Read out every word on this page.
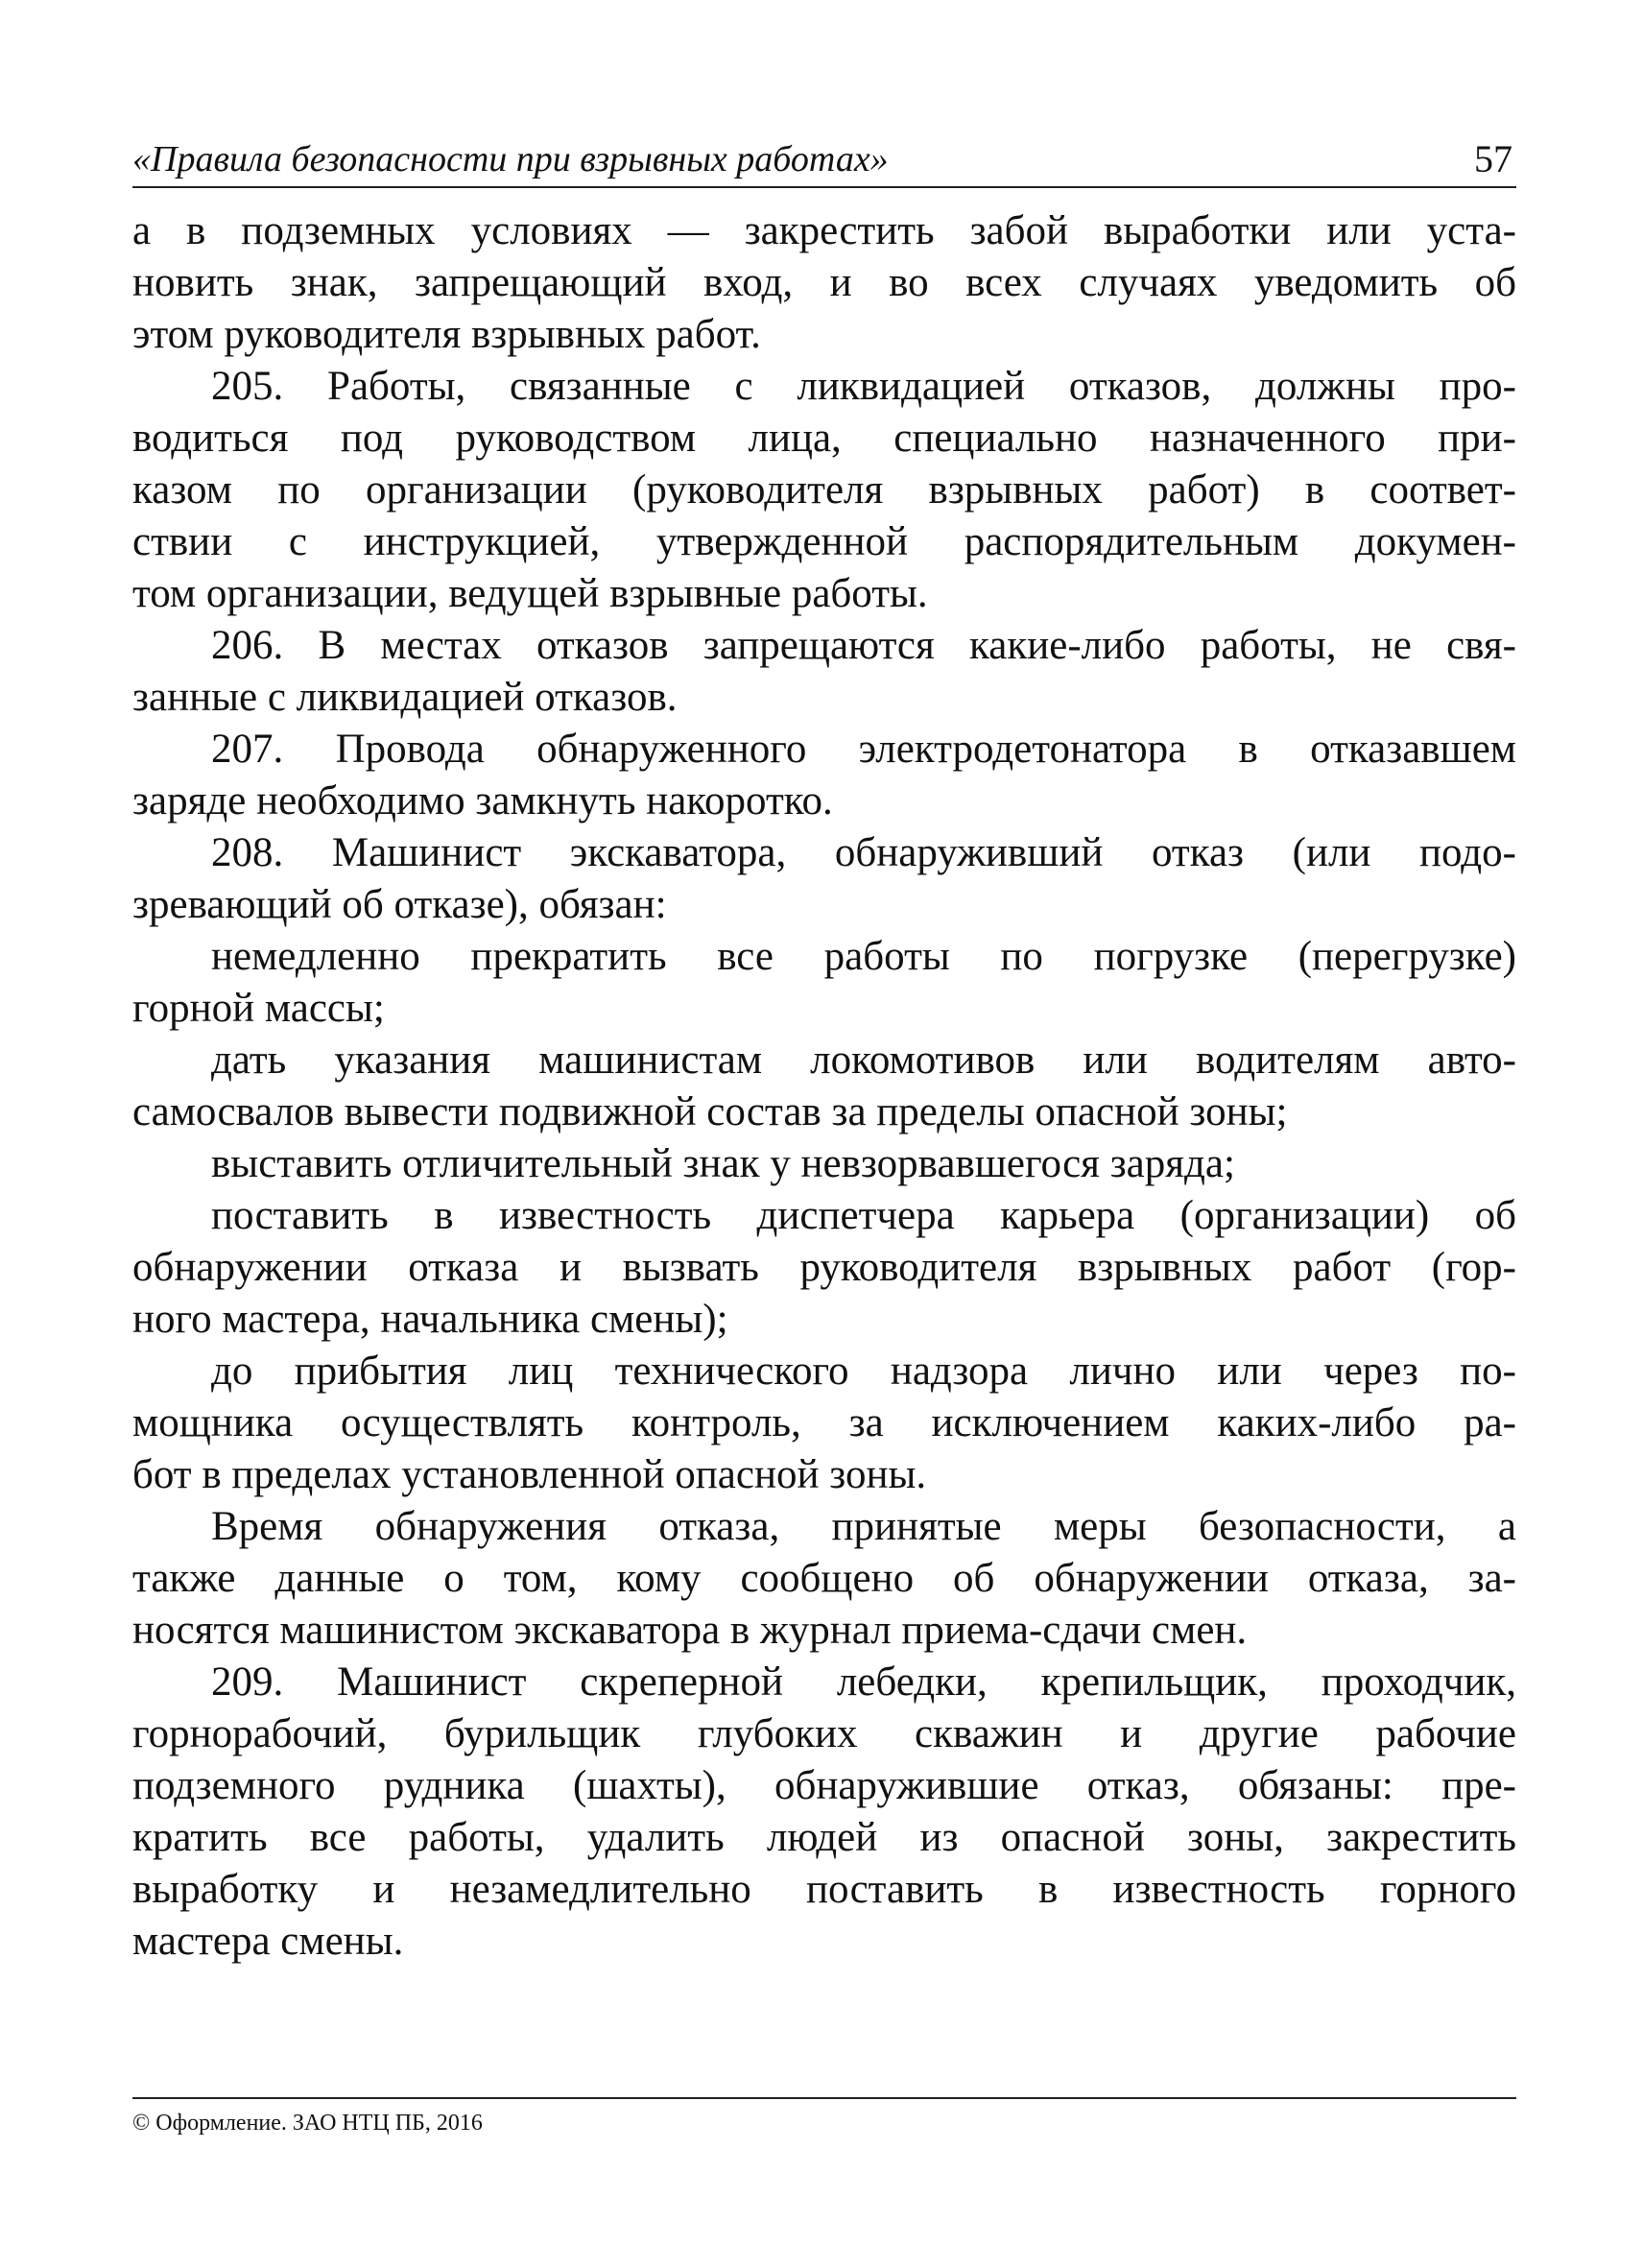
«Правила безопасности при взрывных работах»	57
а в подземных условиях — закрестить забой выработки или уста-
новить знак, запрещающий вход, и во всех случаях уведомить об
этом руководителя взрывных работ.
205. Работы, связанные с ликвидацией отказов, должны про-
водиться под руководством лица, специально назначенного при-
казом по организации (руководителя взрывных работ) в соответ-
ствии с инструкцией, утвержденной распорядительным докумен-
том организации, ведущей взрывные работы.
206. В местах отказов запрещаются какие-либо работы, не свя-
занные с ликвидацией отказов.
207. Провода обнаруженного электродетонатора в отказавшем
заряде необходимо замкнуть накоротко.
208. Машинист экскаватора, обнаруживший отказ (или подо-
зревающий об отказе), обязан:
немедленно прекратить все работы по погрузке (перегрузке)
горной массы;
дать указания машинистам локомотивов или водителям авто-
самосвалов вывести подвижной состав за пределы опасной зоны;
выставить отличительный знак у невзорвавшегося заряда;
поставить в известность диспетчера карьера (организации) об
обнаружении отказа и вызвать руководителя взрывных работ (гор-
ного мастера, начальника смены);
до прибытия лиц технического надзора лично или через по-
мощника осуществлять контроль, за исключением каких-либо ра-
бот в пределах установленной опасной зоны.
Время обнаружения отказа, принятые меры безопасности, а
также данные о том, кому сообщено об обнаружении отказа, за-
носятся машинистом экскаватора в журнал приема-сдачи смен.
209. Машинист скреперной лебедки, крепильщик, проходчик,
горнорабочий, бурильщик глубоких скважин и другие рабочие
подземного рудника (шахты), обнаружившие отказ, обязаны: пре-
кратить все работы, удалить людей из опасной зоны, закрестить
выработку и незамедлительно поставить в известность горного
мастера смены.
© Оформление. ЗАО НТЦ ПБ, 2016
